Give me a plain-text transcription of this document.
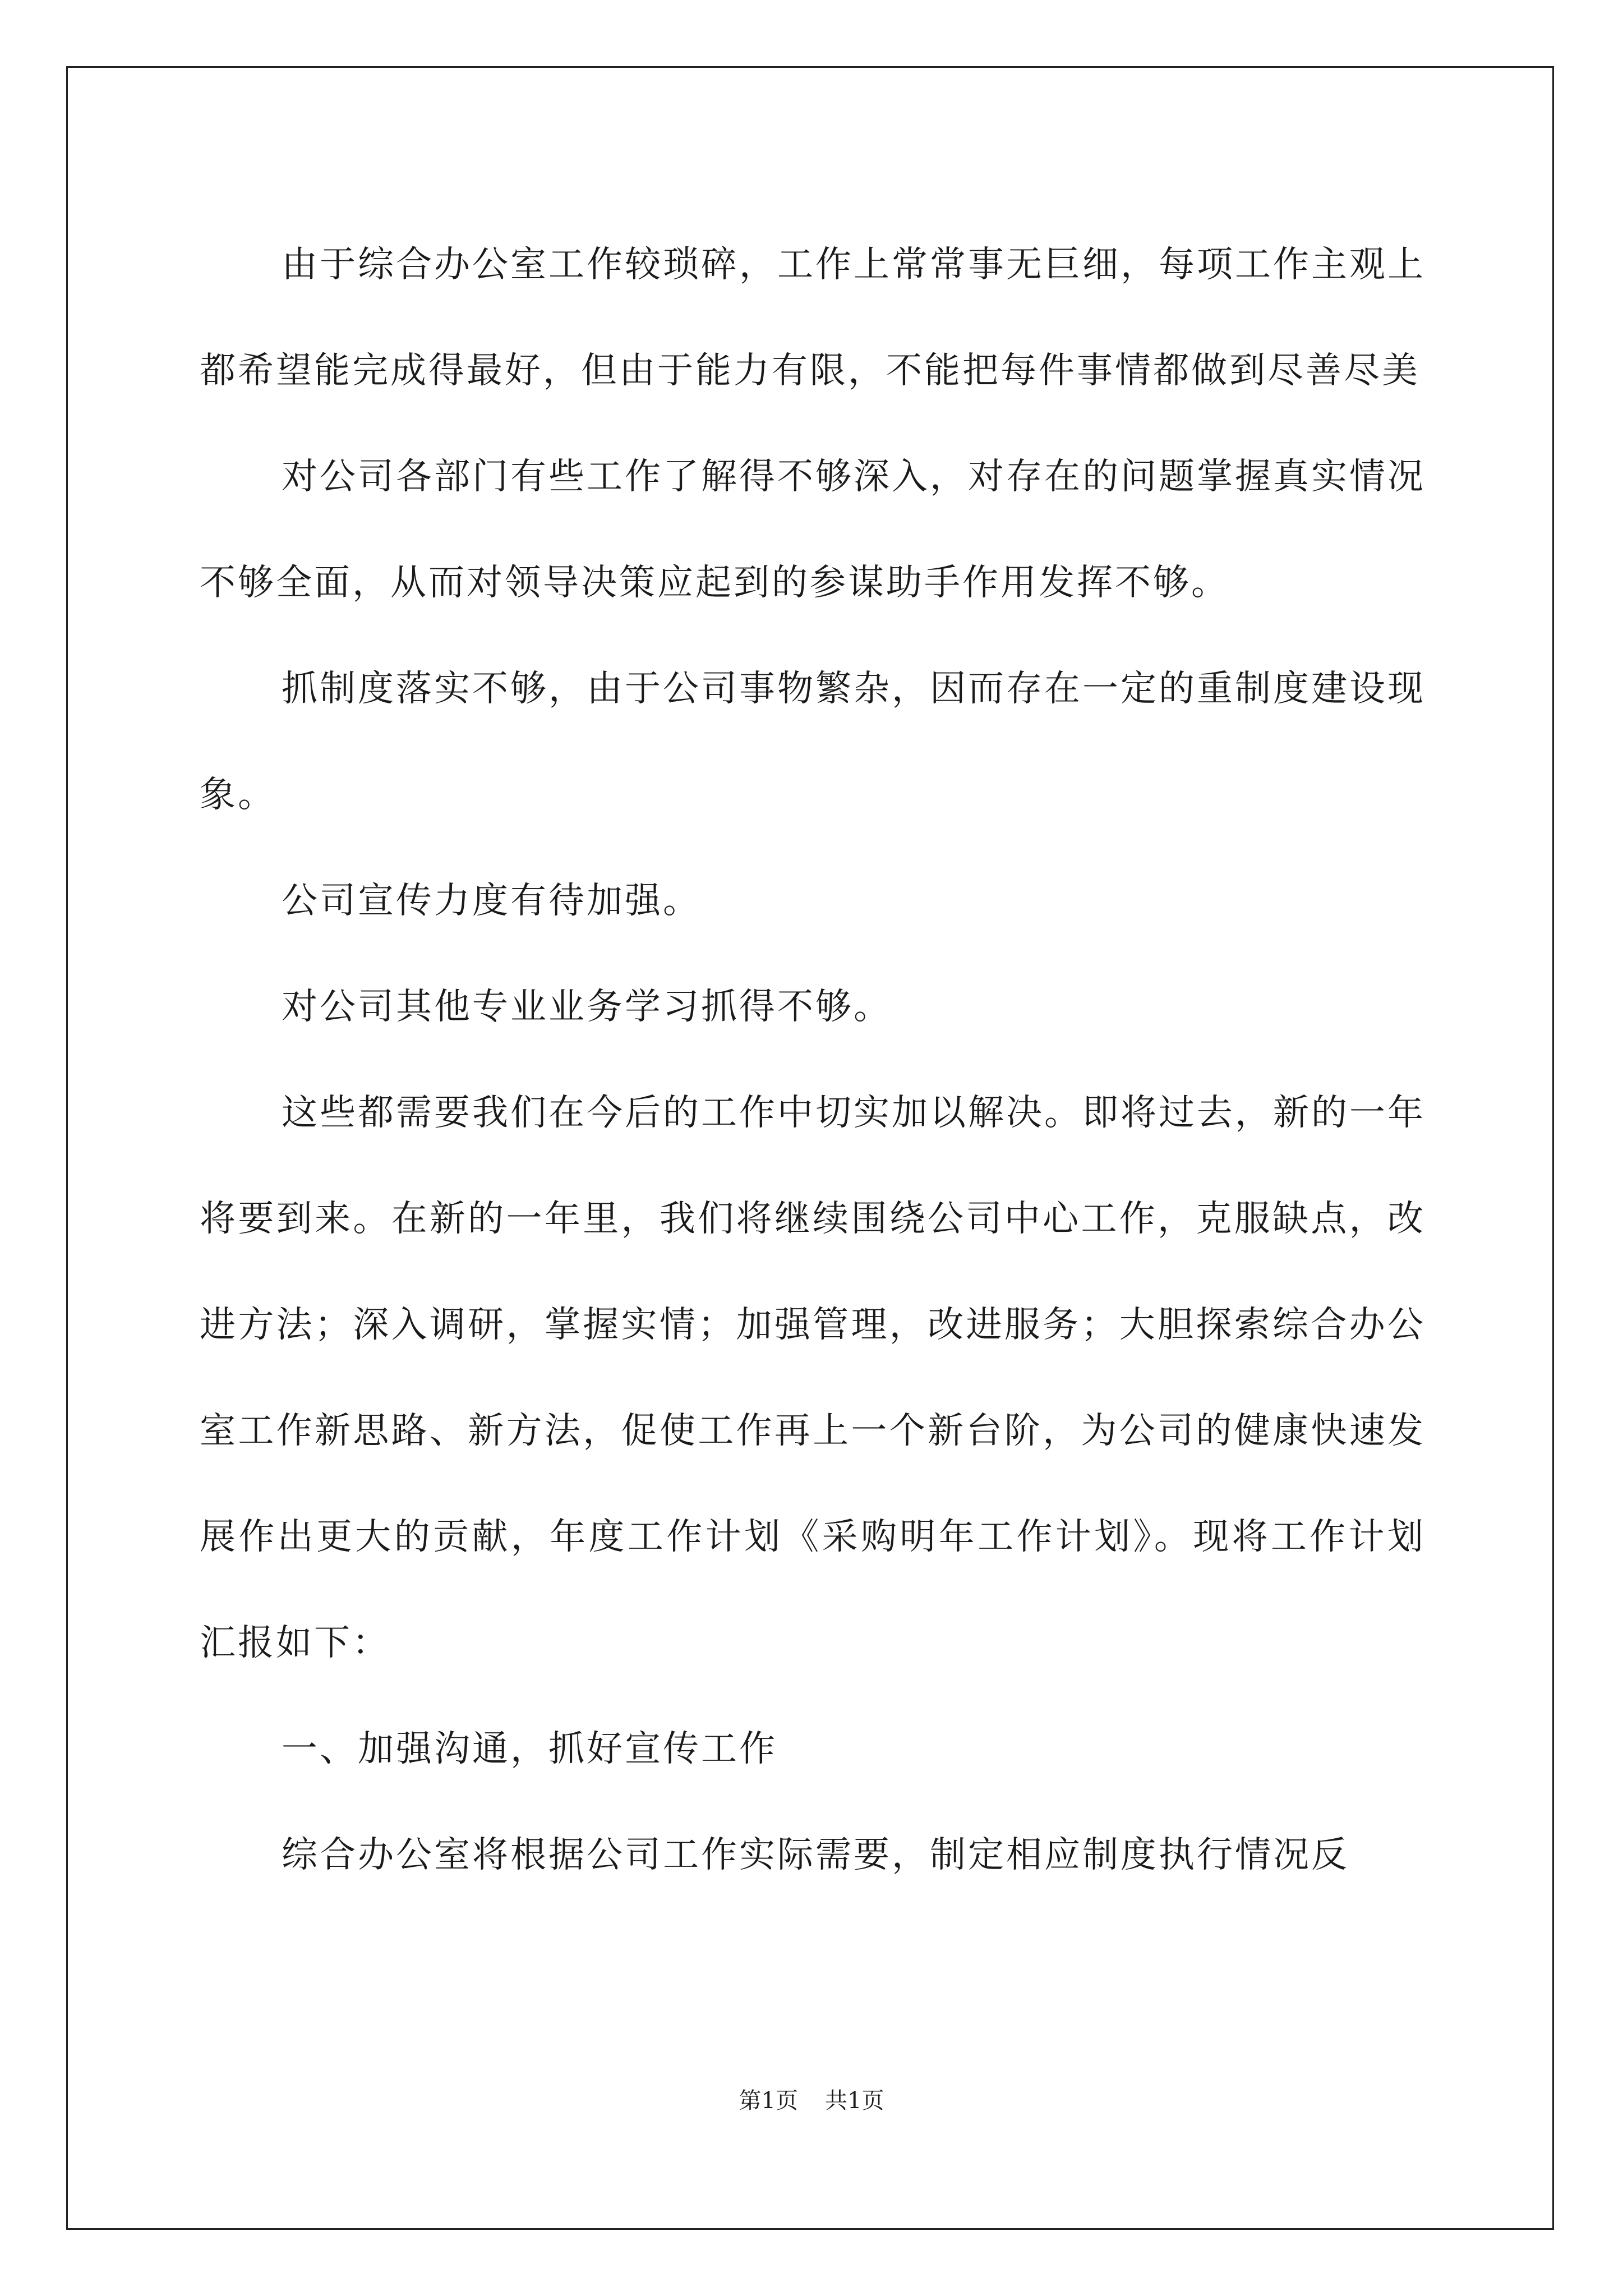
由于综合办公室工作较琐碎，工作上常常事无巨细，每项工作主观上都希望能完成得最好，但由于能力有限，不能把每件事情都做到尽善尽美

对公司各部门有些工作了解得不够深入，对存在的问题掌握真实情况不够全面，从而对领导决策应起到的参谋助手作用发挥不够。

抓制度落实不够，由于公司事物繁杂，因而存在一定的重制度建设现象。

公司宣传力度有待加强。

对公司其他专业业务学习抓得不够。

这些都需要我们在今后的工作中切实加以解决。即将过去，新的一年将要到来。在新的一年里，我们将继续围绕公司中心工作，克服缺点，改进方法；深入调研，掌握实情；加强管理，改进服务；大胆探索综合办公室工作新思路、新方法，促使工作再上一个新台阶，为公司的健康快速发展作出更大的贡献，年度工作计划《采购明年工作计划》。现将工作计划汇报如下：

一、加强沟通，抓好宣传工作

综合办公室将根据公司工作实际需要，制定相应制度执行情况反

第1页 共1页
